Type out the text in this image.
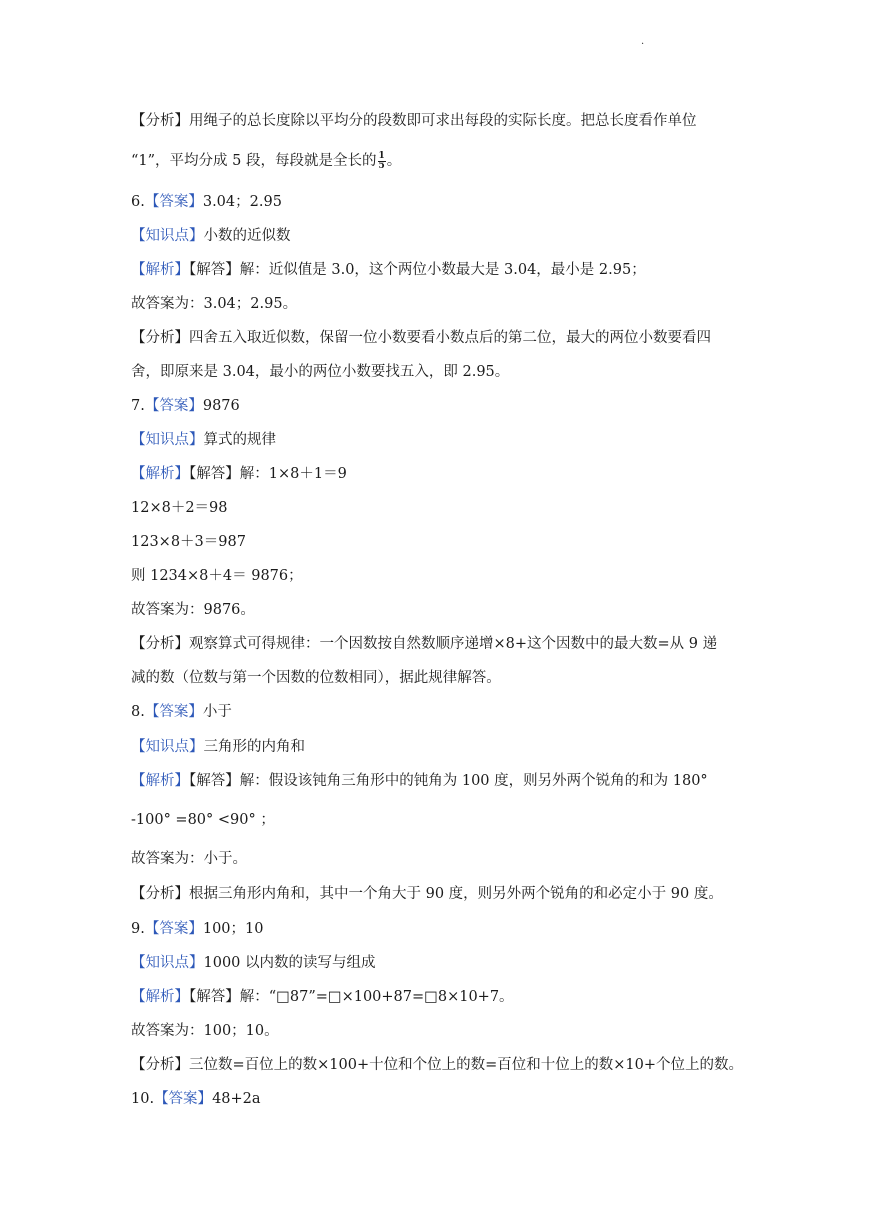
.
【分析】用绳子的总长度除以平均分的段数即可求出每段的实际长度。把总长度看作单位
“1”，平均分成 5 段，每段就是全长的 $\frac{1}{5}$ 。
6.【答案】3.04；2.95
【知识点】小数的近似数
【解析】【解答】解：近似值是 3.0，这个两位小数最大是 3.04，最小是 2.95；
故答案为：3.04；2.95。
【分析】四舍五入取近似数，保留一位小数要看小数点后的第二位，最大的两位小数要看四
舍，即原来是 3.04，最小的两位小数要找五入，即 2.95。
7.【答案】9876
【知识点】算式的规律
【解析】【解答】解：1×8＋1＝9
12×8＋2＝98
123×8＋3＝987
则 1234×8＋4＝ 9876；
故答案为：9876。
【分析】观察算式可得规律：一个因数按自然数顺序递增×8+这个因数中的最大数=从 9 递
减的数（位数与第一个因数的位数相同），据此规律解答。
8.【答案】小于
【知识点】三角形的内角和
【解析】【解答】解：假设该钝角三角形中的钝角为 100 度，则另外两个锐角的和为 180°
-100° =80° <90° ；
故答案为：小于。
【分析】根据三角形内角和，其中一个角大于 90 度，则另外两个锐角的和必定小于 90 度。
9.【答案】100；10
【知识点】1000 以内数的读写与组成
【解析】【解答】解：“□87”=□×100+87=□8×10+7。
故答案为：100；10。
【分析】三位数=百位上的数×100+十位和个位上的数=百位和十位上的数×10+个位上的数。
10.【答案】48+2a
